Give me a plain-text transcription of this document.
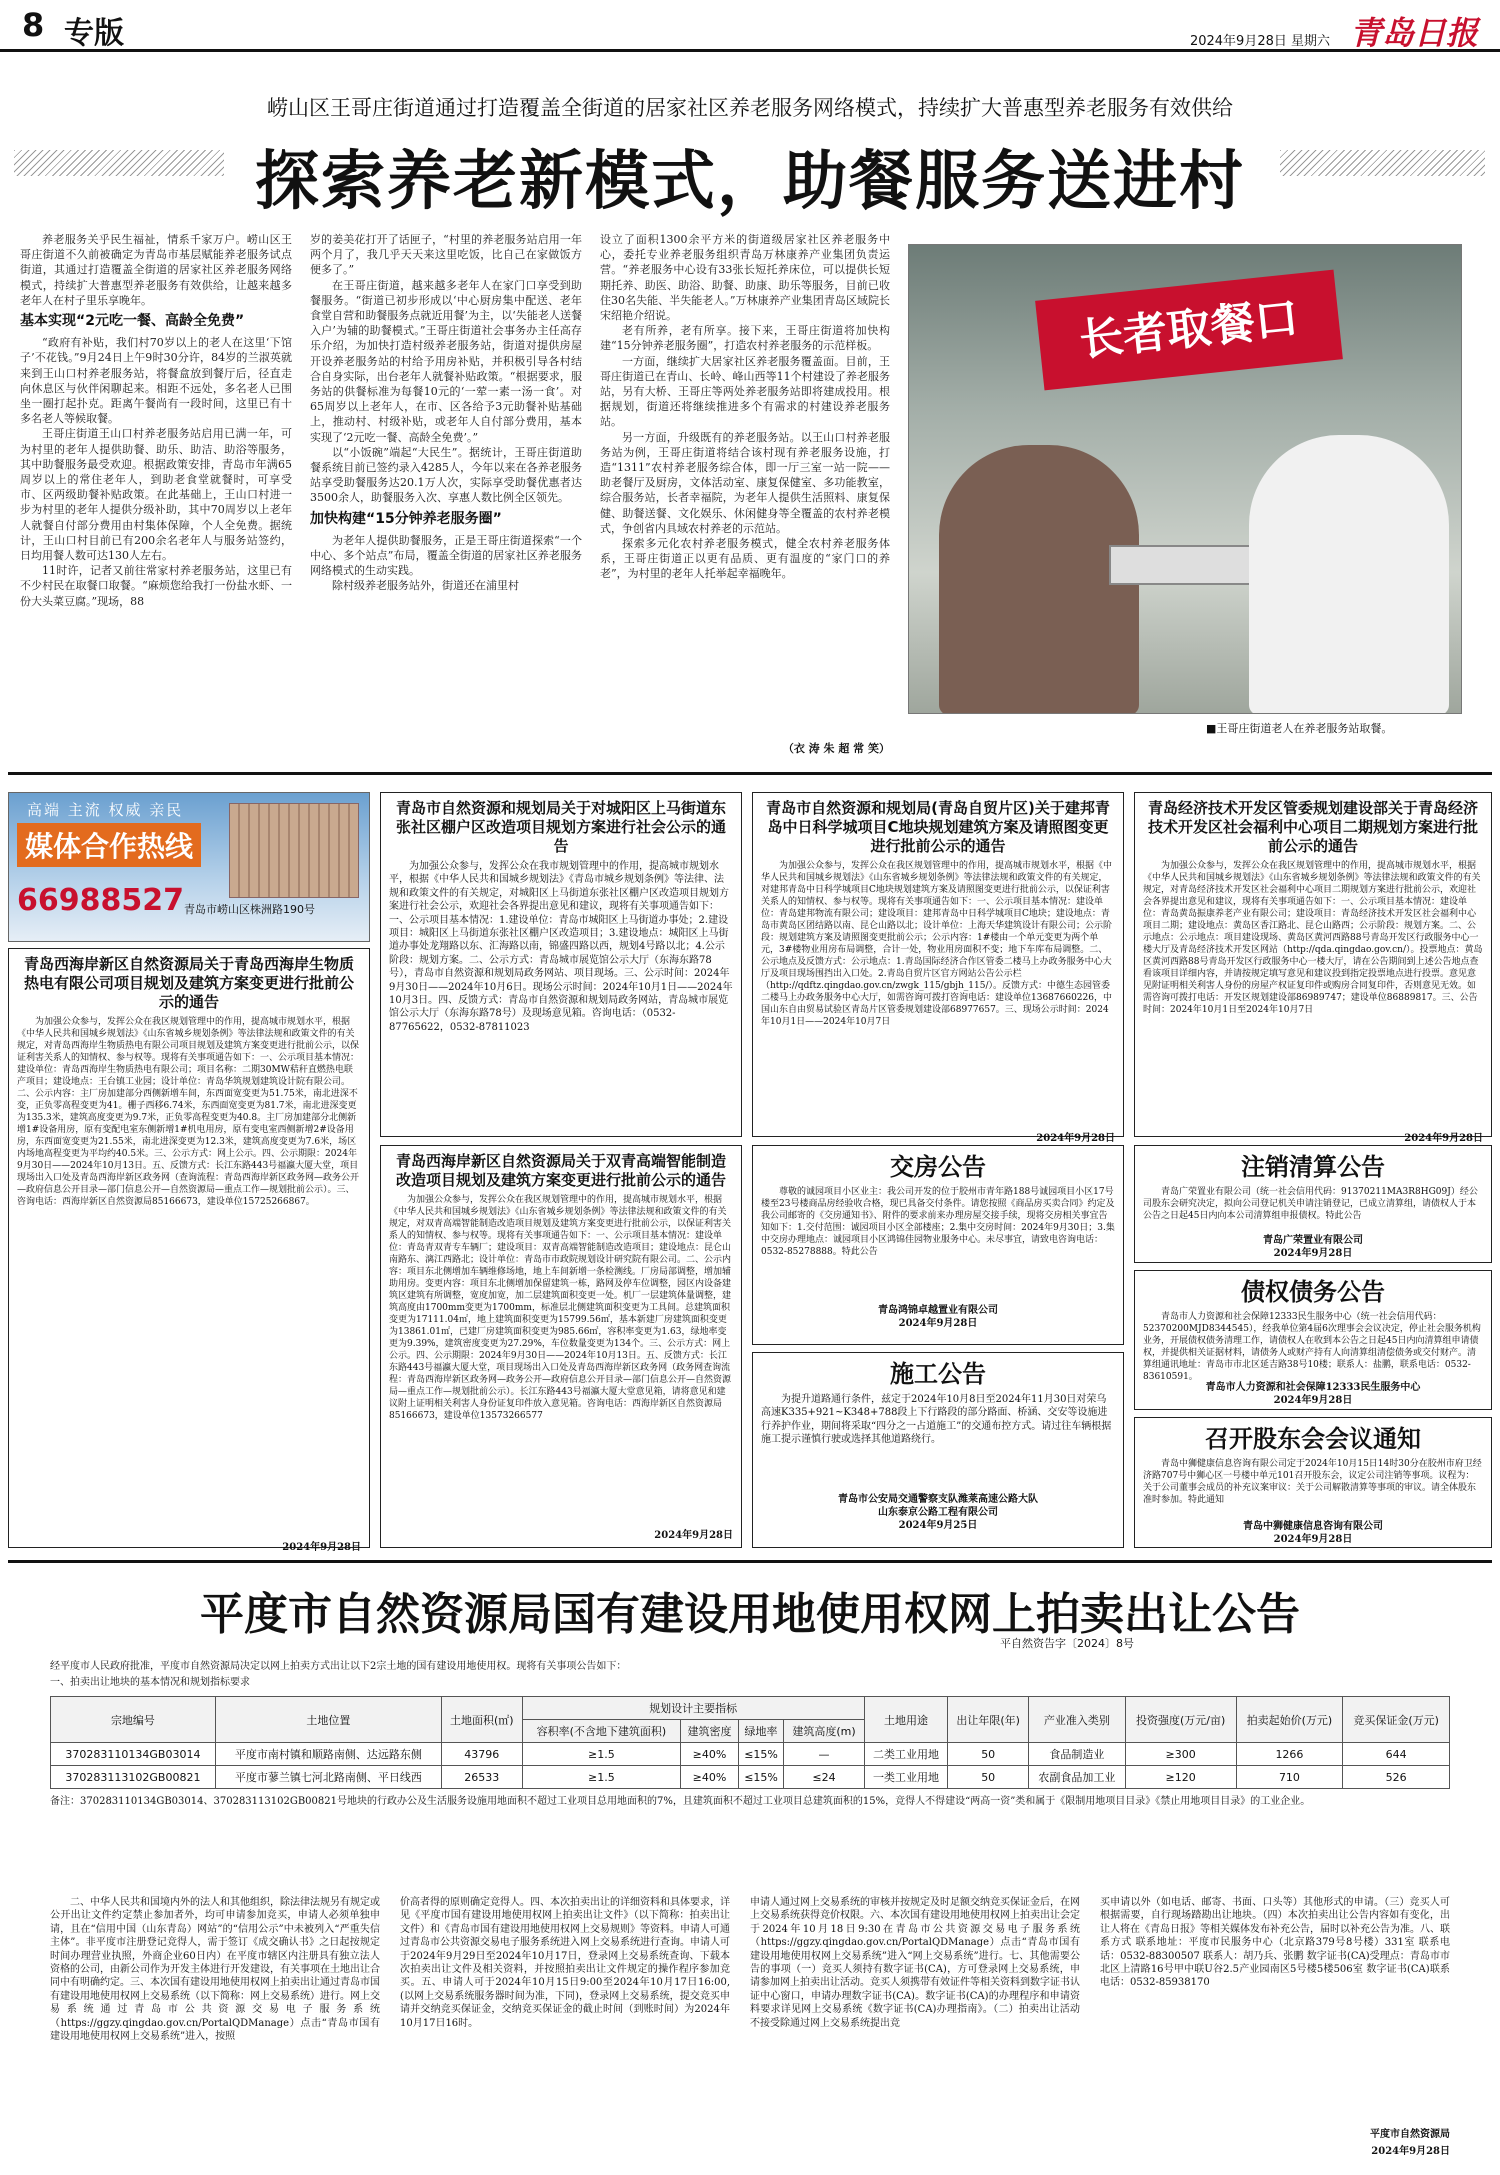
8 专版	2024年9月28日 星期六 青岛日报
崂山区王哥庄街道通过打造覆盖全街道的居家社区养老服务网络模式，持续扩大普惠型养老服务有效供给
探索养老新模式，助餐服务送进村

养老服务关乎民生福祉，情系千家万户。崂山区王哥庄街道不久前被确定为青岛市基层赋能养老服务试点街道，其通过打造覆盖全街道的居家社区养老服务网络模式，持续扩大普惠型养老服务有效供给，让越来越多老年人在村子里乐享晚年。

基本实现“2元吃一餐、高龄全免费”

“政府有补贴，我们村70岁以上的老人在这里‘下馆子’不花钱。”9月24日上午9时30分许，84岁的兰淑英就来到王山口村养老服务站，将餐盒放到餐厅后，径直走向休息区与伙伴闲聊起来。相距不远处，多名老人已围坐一圈打起扑克。距离午餐尚有一段时间，这里已有十多名老人等候取餐。

王哥庄街道王山口村养老服务站启用已满一年，可为村里的老年人提供助餐、助乐、助洁、助浴等服务，其中助餐服务最受欢迎。根据政策安排，青岛市年满65周岁以上的常住老年人，到助老食堂就餐时，可享受市、区两级助餐补贴政策。在此基础上，王山口村进一步为村里的老年人提供分级补助，其中70周岁以上老年人就餐自付部分费用由村集体保障，个人全免费。据统计，王山口村目前已有200余名老年人与服务站签约，日均用餐人数可达130人左右。

11时许，记者又前往常家村养老服务站，这里已有不少村民在取餐口取餐。“麻烦您给我打一份盐水虾、一份大头菜豆腐。”现场，88

岁的姜美花打开了话匣子，“村里的养老服务站启用一年两个月了，我几乎天天来这里吃饭，比自己在家做饭方便多了。”

在王哥庄街道，越来越多老年人在家门口享受到助餐服务。“街道已初步形成以‘中心厨房集中配送、老年食堂自营和助餐服务点就近用餐’为主，以‘失能老人送餐入户’为辅的助餐模式。”王哥庄街道社会事务办主任高存乐介绍，为加快打造村级养老服务站，街道对提供房屋开设养老服务站的村给予用房补贴，并积极引导各村结合自身实际，出台老年人就餐补贴政策。“根据要求，服务站的供餐标准为每餐10元的‘一荤一素一汤一食’。对65周岁以上老年人，在市、区各给予3元助餐补贴基础上，推动村、村级补贴，或老年人自付部分费用，基本实现了‘2元吃一餐、高龄全免费’。”

以“小饭碗”端起“大民生”。据统计，王哥庄街道助餐系统目前已签约录入4285人，今年以来在各养老服务站享受助餐服务达20.1万人次，实际享受助餐优惠者达3500余人，助餐服务入次、享惠人数比例全区领先。

加快构建“15分钟养老服务圈”

为老年人提供助餐服务，正是王哥庄街道探索“一个中心、多个站点”布局，覆盖全街道的居家社区养老服务网络模式的生动实践。

除村级养老服务站外，街道还在浦里村

设立了面积1300余平方米的街道级居家社区养老服务中心，委托专业养老服务组织青岛万林康养产业集团负责运营。“养老服务中心设有33张长短托养床位，可以提供长短期托养、助医、助浴、助餐、助康、助乐等服务，目前已收住30名失能、半失能老人。”万林康养产业集团青岛区域院长宋绍艳介绍说。

老有所养，老有所享。接下来，王哥庄街道将加快构建“15分钟养老服务圈”，打造农村养老服务的示范样板。

一方面，继续扩大居家社区养老服务覆盖面。目前，王哥庄街道已在青山、长岭、峰山西等11个村建设了养老服务站，另有大桥、王哥庄等两处养老服务站即将建成投用。根据规划，街道还将继续推进多个有需求的村建设养老服务站。

另一方面，升级既有的养老服务站。以王山口村养老服务站为例，王哥庄街道将结合该村现有养老服务设施，打造“1311”农村养老服务综合体，即一厅三室一站一院——助老餐厅及厨房，文体活动室、康复保健室、多功能教室，综合服务站，长者幸福院，为老年人提供生活照料、康复保健、助餐送餐、文化娱乐、休闲健身等全覆盖的农村养老模式，争创省内具域农村养老的示范站。

探索多元化农村养老服务模式，健全农村养老服务体系，王哥庄街道正以更有品质、更有温度的“家门口的养老”，为村里的老年人托举起幸福晚年。

（衣 涛 朱 超 常 笑）
长者取餐口
■王哥庄街道老人在养老服务站取餐。
高端 主流 权威 亲民
媒体合作热线
66988527 青岛市崂山区株洲路190号
青岛西海岸新区自然资源局关于青岛西海岸生物质热电有限公司项目规划及建筑方案变更进行批前公示的通告
为加强公众参与，发挥公众在我区规划管理中的作用，提高城市规划水平，根据《中华人民共和国城乡规划法》《山东省城乡规划条例》等法律法规和政策文件的有关规定，对青岛西海岸生物质热电有限公司项目规划及建筑方案变更进行批前公示，以保证利害关系人的知情权、参与权等。现将有关事项通告如下：一、公示项目基本情况：建设单位：青岛西海岸生物质热电有限公司；项目名称：二期30MW秸秆直燃热电联产项目；建设地点：王台镇工业园；设计单位：青岛华筑规划建筑设计院有限公司。二、公示内容：主厂房加建部分西侧新增车间，东西面宽变更为51.75米，南北进深不变，正负零高程变更为41。栅子西移6.74米，东西面宽变更为81.7米，南北进深变更为135.3米，建筑高度变更为9.7米，正负零高程变更为40.8。主厂房加建部分北侧新增1#设备用房，原有变配电室东侧新增1#机电用房，原有变电室西侧新增2#设备用房，东西面宽变更为21.55米，南北进深变更为12.3米，建筑高度变更为7.6米，场区内场地高程变更为平均约40.5米。三、公示方式：网上公示。四、公示期限：2024年9月30日——2024年10月13日。五、反馈方式：长江东路443号福瀛大厦大堂，项目现场出入口处及青岛西海岸新区政务网（查询流程：青岛西海岸新区政务网—政务公开—政府信息公开目录—部门信息公开—自然资源局—重点工作—规划批前公示）。三、咨询电话：西海岸新区自然资源局85166673，建设单位15725266867。
2024年9月28日
青岛市自然资源和规划局关于对城阳区上马街道东张社区棚户区改造项目规划方案进行社会公示的通告
为加强公众参与，发挥公众在我市规划管理中的作用，提高城市规划水平，根据《中华人民共和国城乡规划法》《青岛市城乡规划条例》等法律、法规和政策文件的有关规定，对城阳区上马街道东张社区棚户区改造项目规划方案进行社会公示，欢迎社会各界提出意见和建议，现将有关事项通告如下：一、公示项目基本情况：1.建设单位：青岛市城阳区上马街道办事处；2.建设项目：城阳区上马街道东张社区棚户区改造项目；3.建设地点：城阳区上马街道办事处龙翔路以东、汇海路以南，锦盛四路以西，规划4号路以北；4.公示阶段：规划方案。二、公示方式：青岛城市展览馆公示大厅（东海东路78号），青岛市自然资源和规划局政务网站、项目现场。三、公示时间：2024年9月30日——2024年10月6日。现场公示时间：2024年10月1日——2024年10月3日。四、反馈方式：青岛市自然资源和规划局政务网站，青岛城市展览馆公示大厅（东海东路78号）及现场意见箱。咨询电话：（0532-87765622，0532-87811023
青岛西海岸新区自然资源局关于双青高端智能制造改造项目规划及建筑方案变更进行批前公示的通告
为加强公众参与，发挥公众在我区规划管理中的作用，提高城市规划水平，根据《中华人民共和国城乡规划法》《山东省城乡规划条例》等法律法规和政策文件的有关规定，对双青高端智能制造改造项目规划及建筑方案变更进行批前公示，以保证利害关系人的知情权、参与权等。现将有关事项通告如下：一、公示项目基本情况：建设单位：青岛青双青专车辆厂；建设项目：双青高端智能制造改造项目；建设地点：昆仑山南路东、漓江西路北；设计单位：青岛市市政院规划设计研究院有限公司。二、公示内容：项目东北侧增加车辆维修场地，地上车间新增一条检测线。厂房局部调整，增加辅助用房。变更内容：项目东北侧增加保留建筑一栋，路网及停车位调整，园区内设备建筑区建筑有所调整，宽度加宽，加二层建筑面积变更一处。机厂一层建筑体量调整，建筑高度由1700mm变更为1700mm，标准层北侧建筑面积变更为工具间。总建筑面积变更为17111.04㎡，地上建筑面积变更为15799.56㎡，基本新建厂房建筑面积变更为13861.01㎡，已建厂房建筑面积变更为985.66㎡，容积率变更为1.63，绿地率变更为9.39%，建筑密度变更为27.29%，车位数量变更为134个。三、公示方式：网上公示。四、公示期限：2024年9月30日——2024年10月13日。五、反馈方式：长江东路443号福瀛大厦大堂，项目现场出入口处及青岛西海岸新区政务网（政务网查询流程：青岛西海岸新区政务网—政务公开—政府信息公开目录—部门信息公开—自然资源局—重点工作—规划批前公示）。长江东路443号福瀛大厦大堂意见箱，请将意见和建议附上证明相关利害人身份证复印件放入意见箱。咨询电话：西海岸新区自然资源局85166673，建设单位13573266577
2024年9月28日
青岛市自然资源和规划局(青岛自贸片区)关于建邦青岛中日科学城项目C地块规划建筑方案及请照图变更进行批前公示的通告
为加强公众参与，发挥公众在我区规划管理中的作用，提高城市规划水平，根据《中华人民共和国城乡规划法》《山东省城乡规划条例》等法律法规和政策文件的有关规定，对建邦青岛中日科学城项目C地块规划建筑方案及请照图变更进行批前公示，以保证利害关系人的知情权、参与权等。现将有关事项通告如下：一、公示项目基本情况：建设单位：青岛建邦物流有限公司；建设项目：建邦青岛中日科学城项目C地块；建设地点：青岛市黄岛区团结路以南、昆仑山路以北；设计单位：上海天华建筑设计有限公司；公示阶段：规划建筑方案及请照图变更批前公示；公示内容：1#楼由一个单元变更为两个单元，3#楼物业用房布局调整，合计一处，物业用房面积不变；地下车库布局调整。二、公示地点及反馈方式：公示地点：1.青岛国际经济合作区管委二楼马上办政务服务中心大厅及项目现场围挡出入口处。2.青岛自贸片区官方网站公告公示栏（http://qdftz.qingdao.gov.cn/zwgk_115/gbjh_115/）。反馈方式：中德生态园管委二楼马上办政务服务中心大厅，如需咨询可拨打咨询电话：建设单位13687660226，中国山东自由贸易试验区青岛片区管委规划建设部68977657。三、现场公示时间：2024年10月1日——2024年10月7日
2024年9月28日
交房公告
尊敬的诚园项目小区业主：我公司开发的位于胶州市青年路188号诚园项目小区17号楼至23号楼商品房经验收合格，现已具备交付条件。请您按照《商品房买卖合同》约定及我公司邮寄的《交房通知书》、附件的要求前来办理房屋交接手续，现将交房相关事宜告知如下：1.交付范围：诚园项目小区全部楼座；2.集中交房时间：2024年9月30日；3.集中交房办理地点：诚园项目小区鸿锦佳园物业服务中心。未尽事宜，请致电咨询电话：0532-85278888。特此公告
青岛鸿锦卓越置业有限公司
2024年9月28日
施工公告
为提升道路通行条件，兹定于2024年10月8日至2024年11月30日对荣乌高速K335+921~K348+788段上下行路段的部分路面、桥涵、交安等设施进行养护作业，期间将采取“四分之一占道施工”的交通布控方式。请过往车辆根据施工提示谨慎行驶或选择其他道路绕行。
青岛市公安局交通警察支队潍莱高速公路大队
山东泰京公路工程有限公司
2024年9月25日
青岛经济技术开发区管委规划建设部关于青岛经济技术开发区社会福利中心项目二期规划方案进行批前公示的通告
为加强公众参与，发挥公众在我区规划管理中的作用，提高城市规划水平，根据《中华人民共和国城乡规划法》《山东省城乡规划条例》等法律法规和政策文件的有关规定，对青岛经济技术开发区社会福利中心项目二期规划方案进行批前公示，欢迎社会各界提出意见和建议，现将有关事项通告如下：一、公示项目基本情况：建设单位：青岛黄岛振康养老产业有限公司；建设项目：青岛经济技术开发区社会福利中心项目二期；建设地点：黄岛区香江路北、昆仑山路西；公示阶段：规划方案。二、公示地点：公示地点：项目建设现场、黄岛区黄河西路88号青岛开发区行政服务中心一楼大厅及青岛经济技术开发区网站（http://qda.qingdao.gov.cn/）。投票地点：黄岛区黄河西路88号青岛开发区行政服务中心一楼大厅，请在公告期间到上述公告地点查看该项目详细内容，并请按规定填写意见和建议投到指定投票地点进行投票。意见意见附证明相关利害人身份的房屋产权证复印件或购房合同复印件，否则意见无效。如需咨询可拨打电话：开发区规划建设部86989747；建设单位86889817。三、公告时间：2024年10月1日至2024年10月7日
2024年9月28日
注销清算公告
青岛广荣置业有限公司（统一社会信用代码：91370211MA3R8HG09J）经公司股东会研究决定，拟向公司登记机关申请注销登记，已成立清算组，请债权人于本公告之日起45日内向本公司清算组申报债权。特此公告
青岛广荣置业有限公司
2024年9月28日
债权债务公告
青岛市人力资源和社会保障12333民生服务中心（统一社会信用代码：52370200MJD8344545），经我单位第4届6次理事会会议决定，停止社会服务机构业务，开展债权债务清理工作，请债权人在收到本公告之日起45日内向清算组申请债权，并提供相关证据材料，请债务人或财产持有人向清算组清偿债务或交付财产。清算组通讯地址：青岛市市北区延吉路38号10楼；联系人：盐鹏，联系电话：0532-83610591。
青岛市人力资源和社会保障12333民生服务中心
2024年9月28日
召开股东会会议通知
青岛中狮健康信息咨询有限公司定于2024年10月15日14时30分在胶州市府卫经济路707号中狮心区一号楼中单元101召开股东会，议定公司注销等事项。议程为：关于公司董事会成员的补充议案审议：关于公司解散清算等事项的审议。请全体股东准时参加。特此通知
青岛中狮健康信息咨询有限公司
2024年9月28日
平度市自然资源局国有建设用地使用权网上拍卖出让公告
平自然资告字〔2024〕8号
经平度市人民政府批准，平度市自然资源局决定以网上拍卖方式出让以下2宗土地的国有建设用地使用权。现将有关事项公告如下：
一、拍卖出让地块的基本情况和规划指标要求
宗地编号	土地位置	土地面积(㎡)	规划设计主要指标				土地用途	出让年限(年)	产业准入类别	投资强度(万元/亩)	拍卖起始价(万元)	竞买保证金(万元)
			容积率(不含地下建筑面积)	建筑密度	绿地率	建筑高度(m)						
370283110134GB03014	平度市南村镇和顺路南侧、达远路东侧	43796	≥1.5	≥40%	≤15%	—	二类工业用地	50	食品制造业	≥300	1266	644
370283113102GB00821	平度市蓼兰镇七河北路南侧、平日线西	26533	≥1.5	≥40%	≤15%	≤24	一类工业用地	50	农副食品加工业	≥120	710	526
备注：370283110134GB03014、370283113102GB00821号地块的行政办公及生活服务设施用地面积不超过工业项目总用地面积的7%，且建筑面积不超过工业项目总建筑面积的15%，竞得人不得建设“两高一资”类和属于《限制用地项目目录》《禁止用地项目目录》的工业企业。
二、中华人民共和国境内外的法人和其他组织，除法律法规另有规定或公开出让文件约定禁止参加者外，均可申请参加竞买，申请人必须单独申请，且在“信用中国（山东青岛）网站”的“信用公示”中未被列入“严重失信主体”。非平度市注册登记竞得人，需于签订《成交确认书》之日起按规定时间办理营业执照，外商企业60日内）在平度市辖区内注册具有独立法人资格的公司，由新公司作为开发主体进行开发建设，有关事项在土地出让合同中有明确约定。三、本次国有建设用地使用权网上拍卖出让通过青岛市国有建设用地使用权网上交易系统（以下简称：网上交易系统）进行。网上交易系统通过青岛市公共资源交易电子服务系统（https://ggzy.qingdao.gov.cn/PortalQDManage）点击“青岛市国有建设用地使用权网上交易系统”进入，按照
价高者得的原则确定竞得人。四、本次拍卖出让的详细资料和具体要求，详见《平度市国有建设用地使用权网上拍卖出让文件》（以下简称：拍卖出让文件）和《青岛市国有建设用地使用权网上交易规则》等资料。申请人可通过青岛市公共资源交易电子服务系统进入网上交易系统进行查询。申请人可于2024年9月29日至2024年10月17日，登录网上交易系统查询、下载本次拍卖出让文件及相关资料，并按照拍卖出让文件规定的操作程序参加竞买。五、申请人可于2024年10月15日9:00至2024年10月17日16:00,(以网上交易系统服务器时间为准，下同)，登录网上交易系统，提交竞买申请并交纳竞买保证金，交纳竞买保证金的截止时间（到账时间）为2024年10月17日16时。
申请人通过网上交易系统的审核并按规定及时足额交纳竞买保证金后，在网上交易系统获得竞价权限。六、本次国有建设用地使用权网上拍卖出让会定于2024年10月18日9:30在青岛市公共资源交易电子服务系统（https://ggzy.qingdao.gov.cn/PortalQDManage）点击“青岛市国有建设用地使用权网上交易系统”进入“网上交易系统”进行。七、其他需要公告的事项（一）竞买人须持有数字证书(CA)，方可登录网上交易系统，申请参加网上拍卖出让活动。竞买人须携带有效证件等相关资料到数字证书认证中心窗口，申请办理数字证书(CA)。数字证书(CA)的办理程序和申请资料要求详见网上交易系统《数字证书(CA)办理指南》。（二）拍卖出让活动不接受除通过网上交易系统提出竞
买申请以外（如电话、邮寄、书面、口头等）其他形式的申请。（三）竞买人可根据需要，自行现场踏勘出让地块。（四）本次拍卖出让公告内容如有变化，出让人将在《青岛日报》等相关媒体发布补充公告，届时以补充公告为准。八、联系方式 联系地址：平度市民服务中心（北京路379号8号楼）331室 联系电话：0532-88300507 联系人：胡乃兵、张鹏 数字证书(CA)受理点：青岛市市北区上清路16号甲中联U谷2.5产业园南区5号楼5楼506室 数字证书(CA)联系电话：0532-85938170
平度市自然资源局
2024年9月28日
